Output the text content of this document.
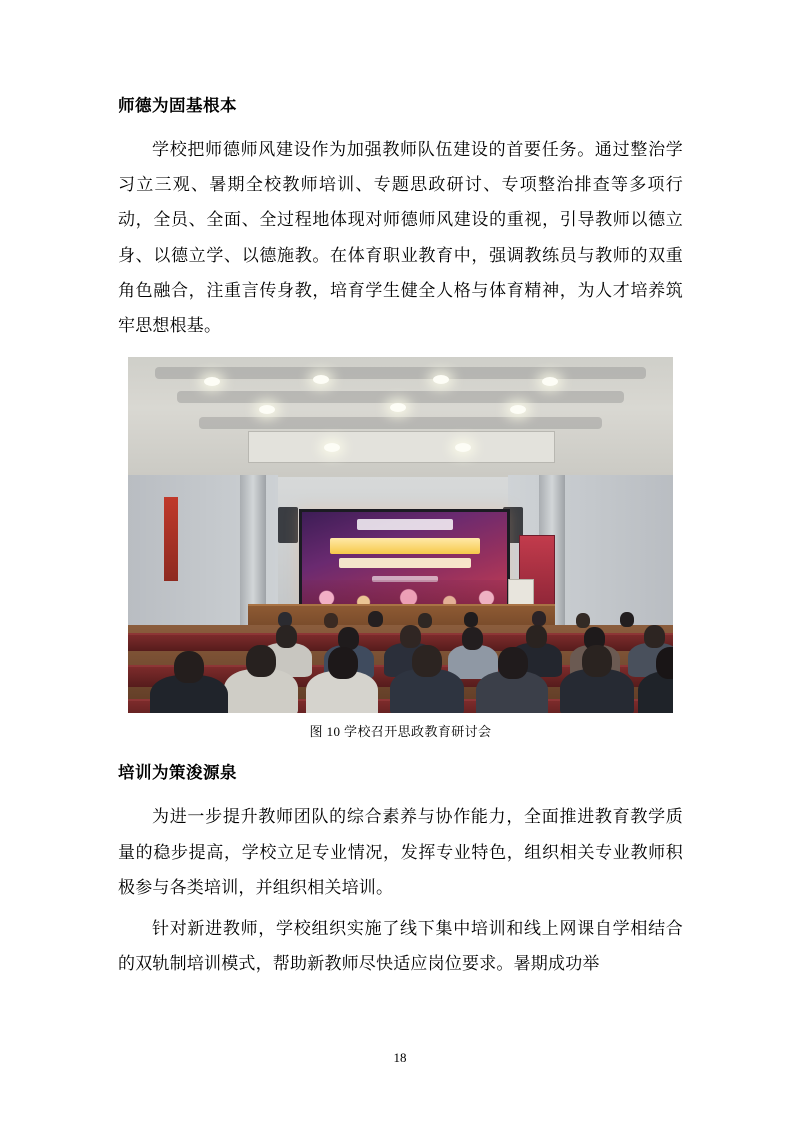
师德为固基根本

学校把师德师风建设作为加强教师队伍建设的首要任务。通过整治学习立三观、暑期全校教师培训、专题思政研讨、专项整治排查等多项行动，全员、全面、全过程地体现对师德师风建设的重视，引导教师以德立身、以德立学、以德施教。在体育职业教育中，强调教练员与教师的双重角色融合，注重言传身教，培育学生健全人格与体育精神，为人才培养筑牢思想根基。

图 10 学校召开思政教育研讨会
培训为策浚源泉

为进一步提升教师团队的综合素养与协作能力，全面推进教育教学质量的稳步提高，学校立足专业情况，发挥专业特色，组织相关专业教师积极参与各类培训，并组织相关培训。

针对新进教师，学校组织实施了线下集中培训和线上网课自学相结合的双轨制培训模式，帮助新教师尽快适应岗位要求。暑期成功举

18
